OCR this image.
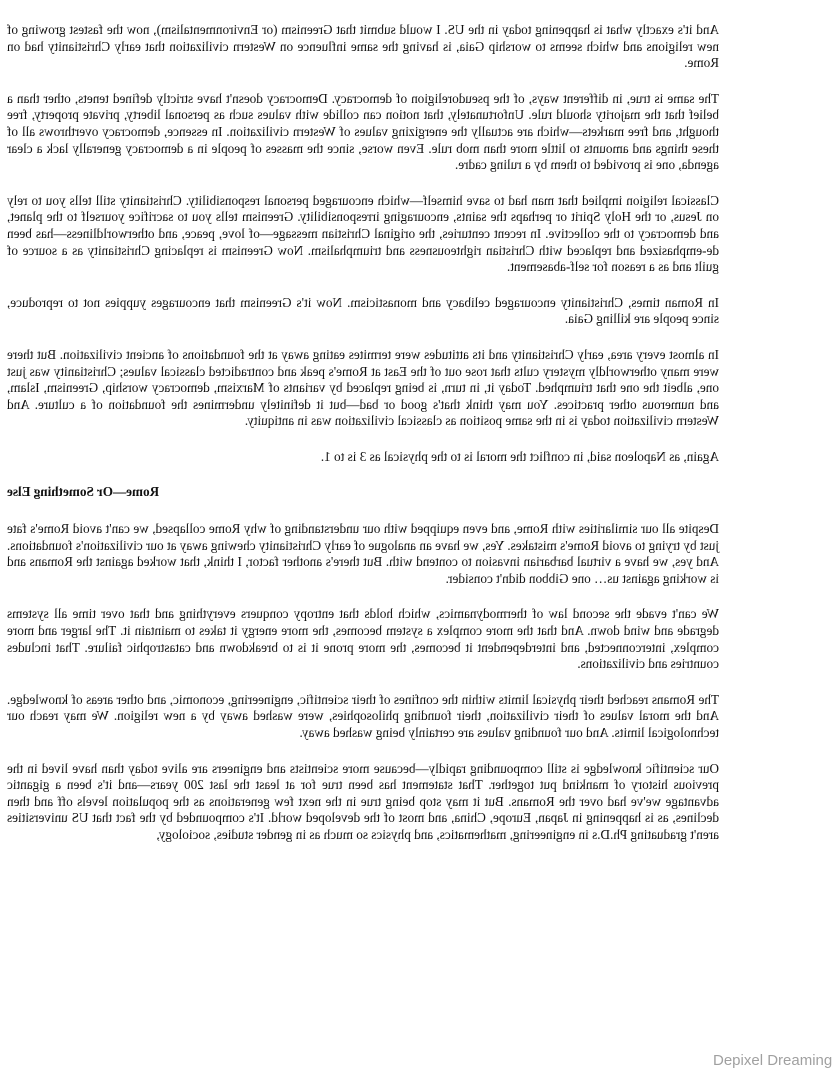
And it's exactly what is happening today in the US. I would submit that Greenism (or Environmentalism), now the fastest growing of new religions and which seems to worship Gaia, is having the same influence on Western civilization that early Christianity had on Rome.

The same is true, in different ways, of the pseudoreligion of democracy. Democracy doesn't have strictly defined tenets, other than a belief that the majority should rule. Unfortunately, that notion can collide with values such as personal liberty, private property, free thought, and free markets—which are actually the energizing values of Western civilization. In essence, democracy overthrows all of these things and amounts to little more than mob rule. Even worse, since the masses of people in a democracy generally lack a clear agenda, one is provided to them by a ruling cadre.

Classical religion implied that man had to save himself—which encouraged personal responsibility. Christianity still tells you to rely on Jesus, or the Holy Spirit or perhaps the saints, encouraging irresponsibility. Greenism tells you to sacrifice yourself to the planet, and democracy to the collective. In recent centuries, the original Christian message—of love, peace, and otherworldliness—has been de-emphasized and replaced with Christian righteousness and triumphalism. Now Greenism is replacing Christianity as a source of guilt and as a reason for self-abasement.

In Roman times, Christianity encouraged celibacy and monasticism. Now it's Greenism that encourages yuppies not to reproduce, since people are killing Gaia.

In almost every area, early Christianity and its attitudes were termites eating away at the foundations of ancient civilization. But there were many otherworldly mystery cults that rose out of the East at Rome's peak and contradicted classical values; Christianity was just one, albeit the one that triumphed. Today it, in turn, is being replaced by variants of Marxism, democracy worship, Greenism, Islam, and numerous other practices. You may think that's good or bad—but it definitely undermines the foundation of a culture. And Western civilization today is in the same position as classical civilization was in antiquity.

Again, as Napoleon said, in conflict the moral is to the physical as 3 is to 1.

Rome—Or Something Else

Despite all our similarities with Rome, and even equipped with our understanding of why Rome collapsed, we can't avoid Rome's fate just by trying to avoid Rome's mistakes. Yes, we have an analogue of early Christianity chewing away at our civilization's foundations. And yes, we have a virtual barbarian invasion to contend with. But there's another factor, I think, that worked against the Romans and is working against us… one Gibbon didn't consider.

We can't evade the second law of thermodynamics, which holds that entropy conquers everything and that over time all systems degrade and wind down. And that the more complex a system becomes, the more energy it takes to maintain it. The larger and more complex, interconnected, and interdependent it becomes, the more prone it is to breakdown and catastrophic failure. That includes countries and civilizations.

The Romans reached their physical limits within the confines of their scientific, engineering, economic, and other areas of knowledge. And the moral values of their civilization, their founding philosophies, were washed away by a new religion. We may reach our technological limits. And our founding values are certainly being washed away.

Our scientific knowledge is still compounding rapidly—because more scientists and engineers are alive today than have lived in the previous history of mankind put together. That statement has been true for at least the last 200 years—and it's been a gigantic advantage we've had over the Romans. But it may stop being true in the next few generations as the population levels off and then declines, as is happening in Japan, Europe, China, and most of the developed world. It's compounded by the fact that US universities aren't graduating Ph.D.s in engineering, mathematics, and physics so much as in gender studies, sociology,

Depixel Dreaming
